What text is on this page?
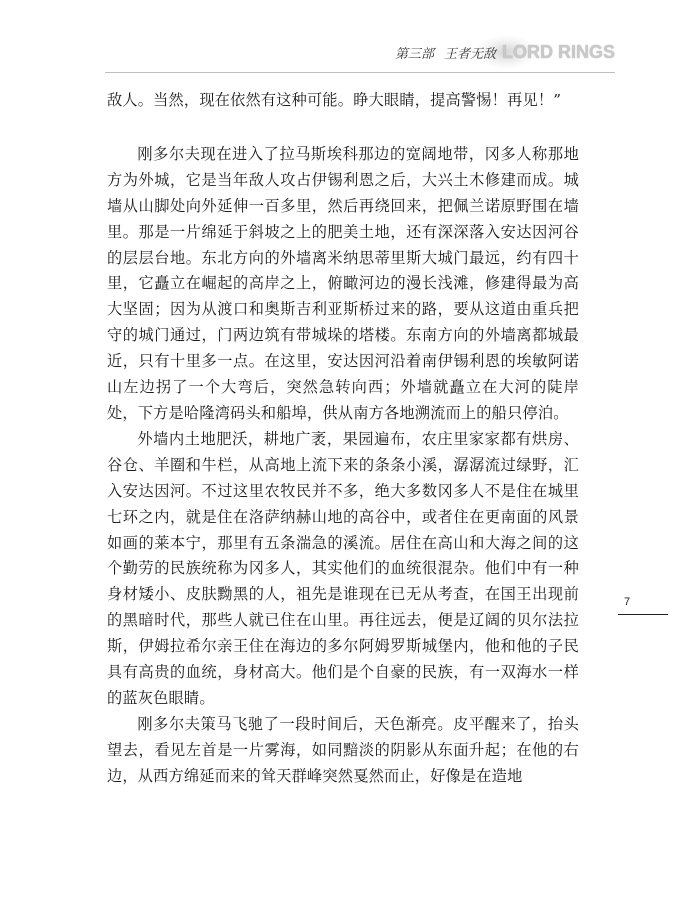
第三部 王者无敌 LORD RINGS

敌人。当然，现在依然有这种可能。睁大眼睛，提高警惕！再见！”

刚多尔夫现在进入了拉马斯埃科那边的宽阔地带，冈多人称那地方为外城，它是当年敌人攻占伊锡利恩之后，大兴土木修建而成。城墙从山脚处向外延伸一百多里，然后再绕回来，把佩兰诺原野围在墙里。那是一片绵延于斜坡之上的肥美土地，还有深深落入安达因河谷的层层台地。东北方向的外墙离米纳思蒂里斯大城门最远，约有四十里，它矗立在崛起的高岸之上，俯瞰河边的漫长浅滩，修建得最为高大坚固；因为从渡口和奥斯吉利亚斯桥过来的路，要从这道由重兵把守的城门通过，门两边筑有带城垛的塔楼。东南方向的外墙离都城最近，只有十里多一点。在这里，安达因河沿着南伊锡利恩的埃敏阿诺山左边拐了一个大弯后，突然急转向西；外墙就矗立在大河的陡岸处，下方是哈隆湾码头和船埠，供从南方各地溯流而上的船只停泊。

外墙内土地肥沃，耕地广袤，果园遍布，农庄里家家都有烘房、谷仓、羊圈和牛栏，从高地上流下来的条条小溪，潺潺流过绿野，汇入安达因河。不过这里农牧民并不多，绝大多数冈多人不是住在城里七环之内，就是住在洛萨纳赫山地的高谷中，或者住在更南面的风景如画的莱本宁，那里有五条湍急的溪流。居住在高山和大海之间的这个勤劳的民族统称为冈多人，其实他们的血统很混杂。他们中有一种身材矮小、皮肤黝黑的人，祖先是谁现在已无从考查，在国王出现前的黑暗时代，那些人就已住在山里。再往远去，便是辽阔的贝尔法拉斯，伊姆拉希尔亲王住在海边的多尔阿姆罗斯城堡内，他和他的子民具有高贵的血统，身材高大。他们是个自豪的民族，有一双海水一样的蓝灰色眼睛。

刚多尔夫策马飞驰了一段时间后，天色渐亮。皮平醒来了，抬头望去，看见左首是一片雾海，如同黯淡的阴影从东面升起；在他的右边，从西方绵延而来的耸天群峰突然戛然而止，好像是在造地

7
